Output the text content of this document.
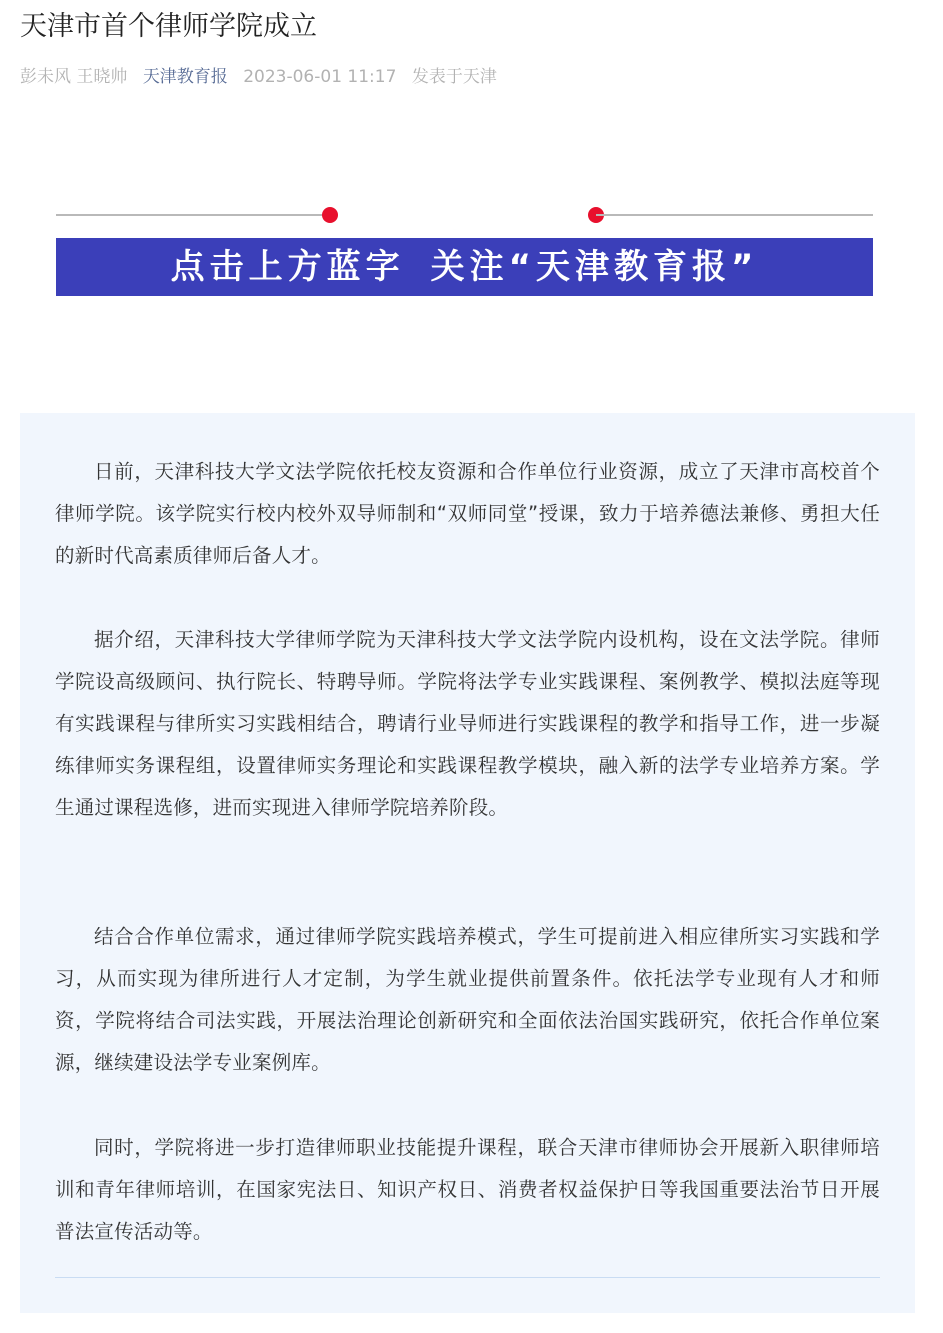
天津市首个律师学院成立
彭未风 王晓帅 天津教育报 2023-06-01 11:17 发表于天津
点击上方蓝字 关注“天津教育报”

日前，天津科技大学文法学院依托校友资源和合作单位行业资源，成立了天津市高校首个律师学院。该学院实行校内校外双导师制和“双师同堂”授课，致力于培养德法兼修、勇担大任的新时代高素质律师后备人才。

据介绍，天津科技大学律师学院为天津科技大学文法学院内设机构，设在文法学院。律师学院设高级顾问、执行院长、特聘导师。学院将法学专业实践课程、案例教学、模拟法庭等现有实践课程与律所实习实践相结合，聘请行业导师进行实践课程的教学和指导工作，进一步凝练律师实务课程组，设置律师实务理论和实践课程教学模块，融入新的法学专业培养方案。学生通过课程选修，进而实现进入律师学院培养阶段。

结合合作单位需求，通过律师学院实践培养模式，学生可提前进入相应律所实习实践和学习，从而实现为律所进行人才定制，为学生就业提供前置条件。依托法学专业现有人才和师资，学院将结合司法实践，开展法治理论创新研究和全面依法治国实践研究，依托合作单位案源，继续建设法学专业案例库。

同时，学院将进一步打造律师职业技能提升课程，联合天津市律师协会开展新入职律师培训和青年律师培训，在国家宪法日、知识产权日、消费者权益保护日等我国重要法治节日开展普法宣传活动等。
